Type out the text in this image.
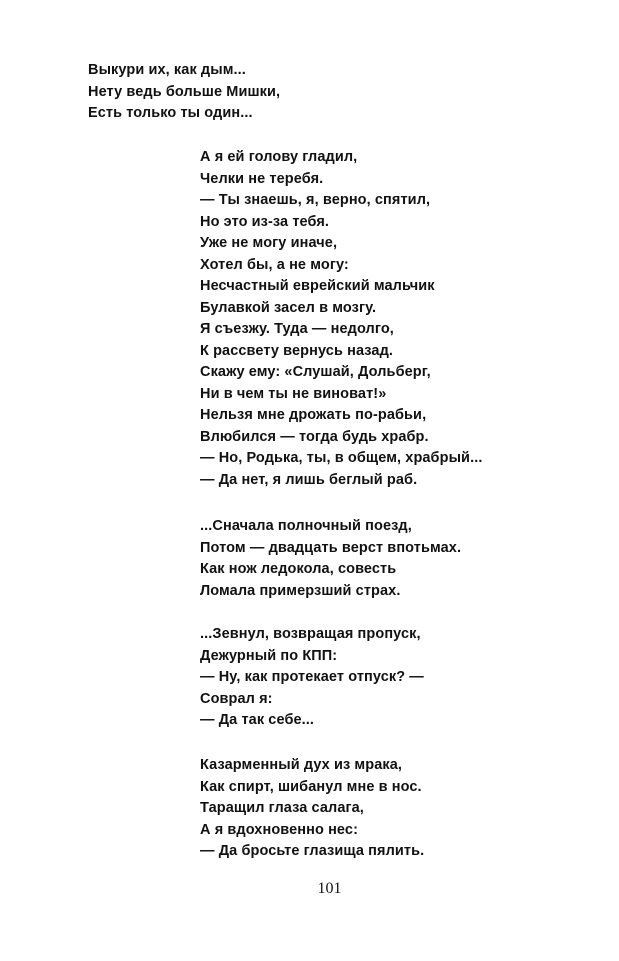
Выкури их, как дым...
Нету ведь больше Мишки,
Есть только ты один...
А я ей голову гладил,
Челки не теребя.
— Ты знаешь, я, верно, спятил,
Но это из-за тебя.
Уже не могу иначе,
Хотел бы, а не могу:
Несчастный еврейский мальчик
Булавкой засел в мозгу.
Я съезжу. Туда — недолго,
К рассвету вернусь назад.
Скажу ему: «Слушай, Дольберг,
Ни в чем ты не виноват!»
Нельзя мне дрожать по-рабьи,
Влюбился — тогда будь храбр.
— Но, Родька, ты, в общем, храбрый...
— Да нет, я лишь беглый раб.
...Сначала полночный поезд,
Потом — двадцать верст впотьмах.
Как нож ледокола, совесть
Ломала примерзший страх.
...Зевнул, возвращая пропуск,
Дежурный по КПП:
— Ну, как протекает отпуск? —
Соврал я:
— Да так себе...
Казарменный дух из мрака,
Как спирт, шибанул мне в нос.
Таращил глаза салага,
А я вдохновенно нес:
— Да бросьте глазища пялить.
101
